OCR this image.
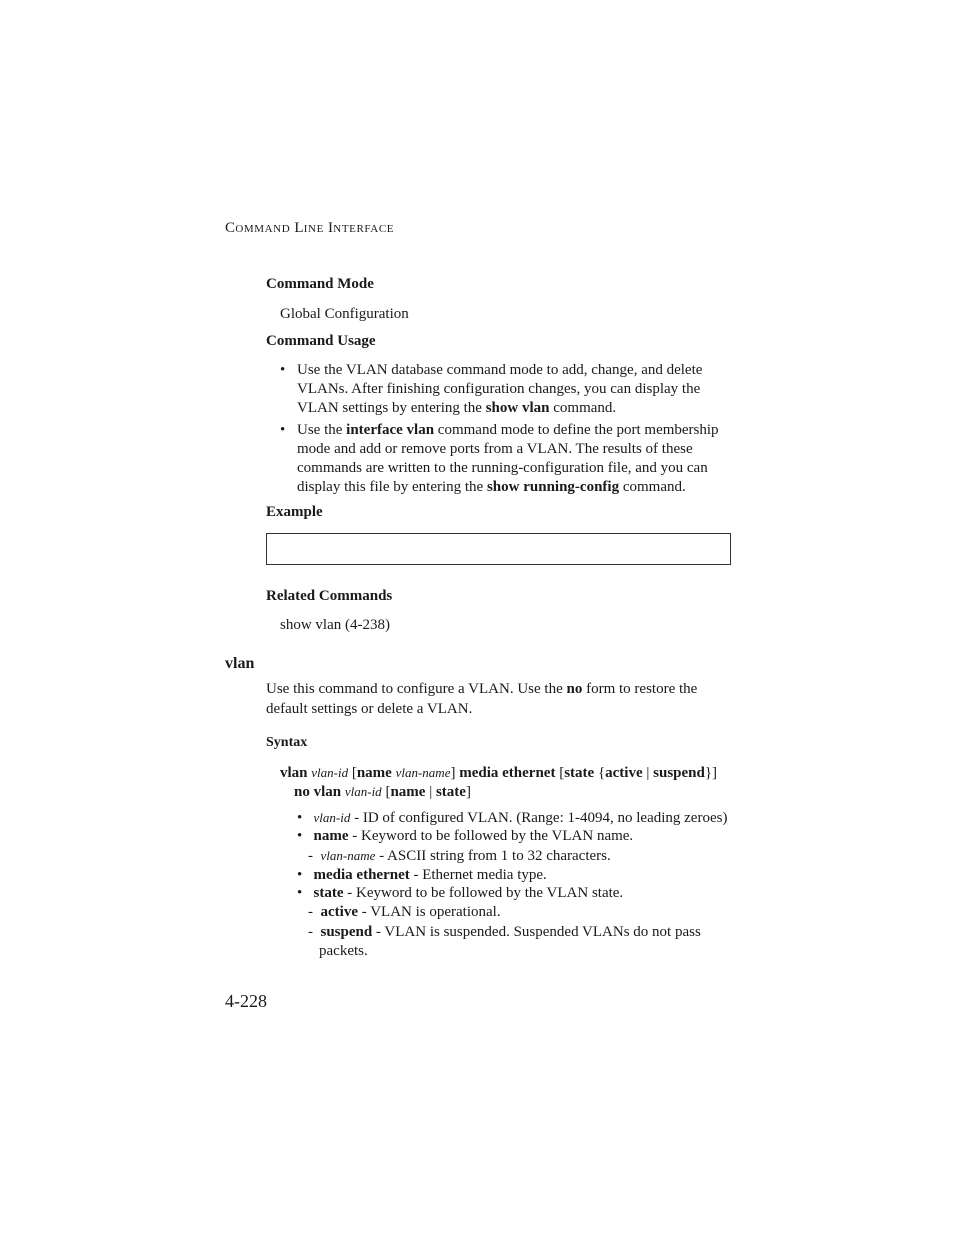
COMMAND LINE INTERFACE
Command Mode
Global Configuration
Command Usage
• Use the VLAN database command mode to add, change, and delete VLANs. After finishing configuration changes, you can display the VLAN settings by entering the show vlan command.
• Use the interface vlan command mode to define the port membership mode and add or remove ports from a VLAN. The results of these commands are written to the running-configuration file, and you can display this file by entering the show running-config command.
Example
Related Commands
show vlan (4-238)
vlan
Use this command to configure a VLAN. Use the no form to restore the
default settings or delete a VLAN.
Syntax
vlan vlan-id [name vlan-name] media ethernet [state {active | suspend}]
no vlan vlan-id [name | state]
• vlan-id - ID of configured VLAN. (Range: 1-4094, no leading zeroes)
• name - Keyword to be followed by the VLAN name.
- vlan-name - ASCII string from 1 to 32 characters.
• media ethernet - Ethernet media type.
• state - Keyword to be followed by the VLAN state.
- active - VLAN is operational.
- suspend - VLAN is suspended. Suspended VLANs do not pass
packets.
4-228
